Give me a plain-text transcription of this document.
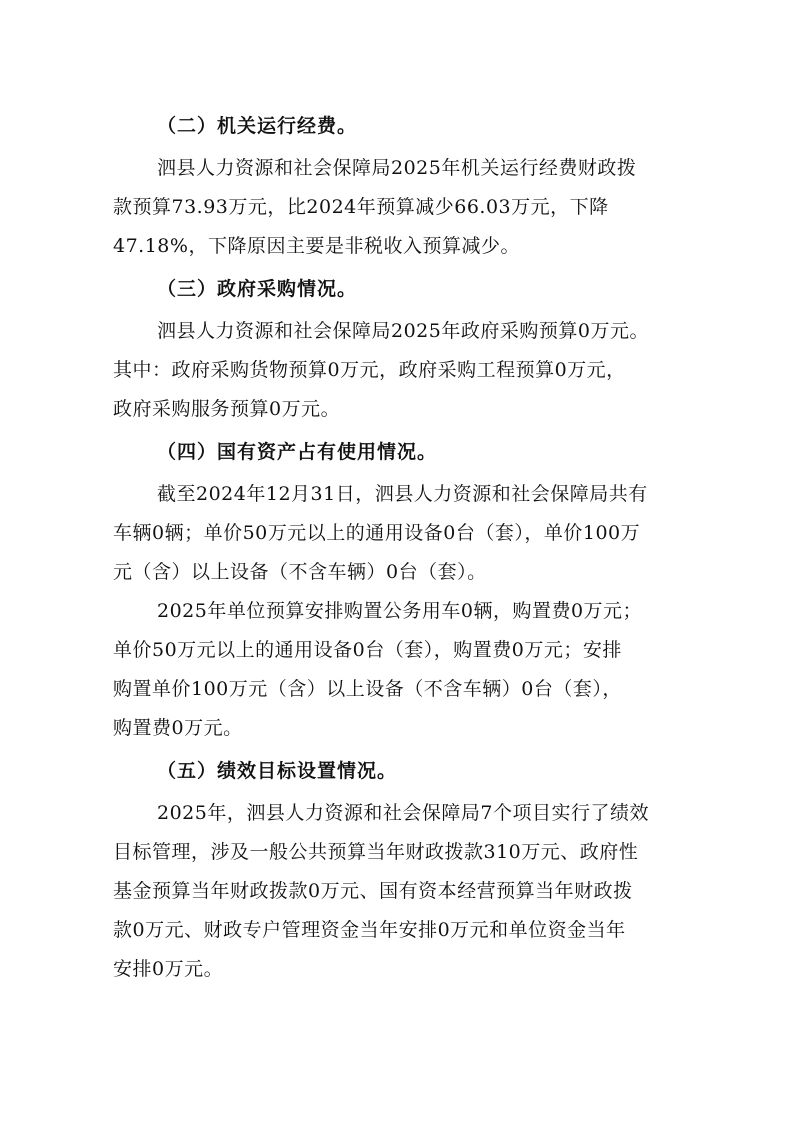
（二）机关运行经费。

泗县人力资源和社会保障局2025年机关运行经费财政拨
款预算73.93万元，比2024年预算减少66.03万元，下降
47.18%，下降原因主要是非税收入预算减少。

（三）政府采购情况。

泗县人力资源和社会保障局2025年政府采购预算0万元。
其中：政府采购货物预算0万元，政府采购工程预算0万元，
政府采购服务预算0万元。

（四）国有资产占有使用情况。

截至2024年12月31日，泗县人力资源和社会保障局共有
车辆0辆；单价50万元以上的通用设备0台（套），单价100万
元（含）以上设备（不含车辆）0台（套）。

2025年单位预算安排购置公务用车0辆，购置费0万元；
单价50万元以上的通用设备0台（套），购置费0万元；安排
购置单价100万元（含）以上设备（不含车辆）0台（套），
购置费0万元。

（五）绩效目标设置情况。

2025年，泗县人力资源和社会保障局7个项目实行了绩效
目标管理，涉及一般公共预算当年财政拨款310万元、政府性
基金预算当年财政拨款0万元、国有资本经营预算当年财政拨
款0万元、财政专户管理资金当年安排0万元和单位资金当年
安排0万元。
